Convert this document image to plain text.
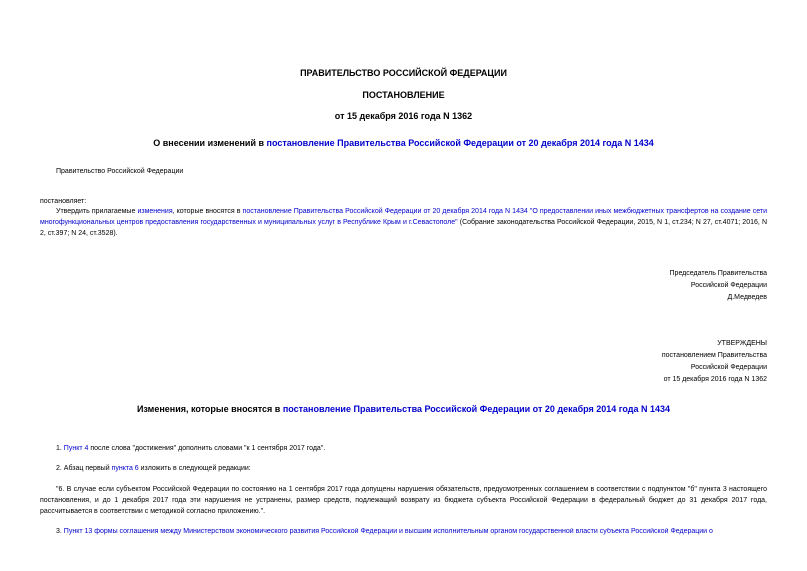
ПРАВИТЕЛЬСТВО РОССИЙСКОЙ ФЕДЕРАЦИИ
ПОСТАНОВЛЕНИЕ
от 15 декабря 2016 года N 1362
О внесении изменений в постановление Правительства Российской Федерации от 20 декабря 2014 года N 1434
Правительство Российской Федерации
постановляет:
Утвердить прилагаемые изменения, которые вносятся в постановление Правительства Российской Федерации от 20 декабря 2014 года N 1434 "О предоставлении иных межбюджетных трансфертов на создание сети многофункциональных центров предоставления государственных и муниципальных услуг в Республике Крым и г.Севастополе" (Собрание законодательства Российской Федерации, 2015, N 1, ст.234; N 27, ст.4071; 2016, N 2, ст.397; N 24, ст.3528).
Председатель Правительства
Российской Федерации
Д.Медведев
УТВЕРЖДЕНЫ
постановлением Правительства
Российской Федерации
от 15 декабря 2016 года N 1362
Изменения, которые вносятся в постановление Правительства Российской Федерации от 20 декабря 2014 года N 1434
1. Пункт 4 после слова "достижения" дополнить словами "к 1 сентября 2017 года".
2. Абзац первый пункта 6 изложить в следующей редакции:
"6. В случае если субъектом Российской Федерации по состоянию на 1 сентября 2017 года допущены нарушения обязательств, предусмотренных соглашением в соответствии с подпунктом "б" пункта 3 настоящего постановления, и до 1 декабря 2017 года эти нарушения не устранены, размер средств, подлежащий возврату из бюджета субъекта Российской Федерации в федеральный бюджет до 31 декабря 2017 года, рассчитывается в соответствии с методикой согласно приложению.".
3. Пункт 13 формы соглашения между Министерством экономического развития Российской Федерации и высшим исполнительным органом государственной власти субъекта Российской Федерации о
